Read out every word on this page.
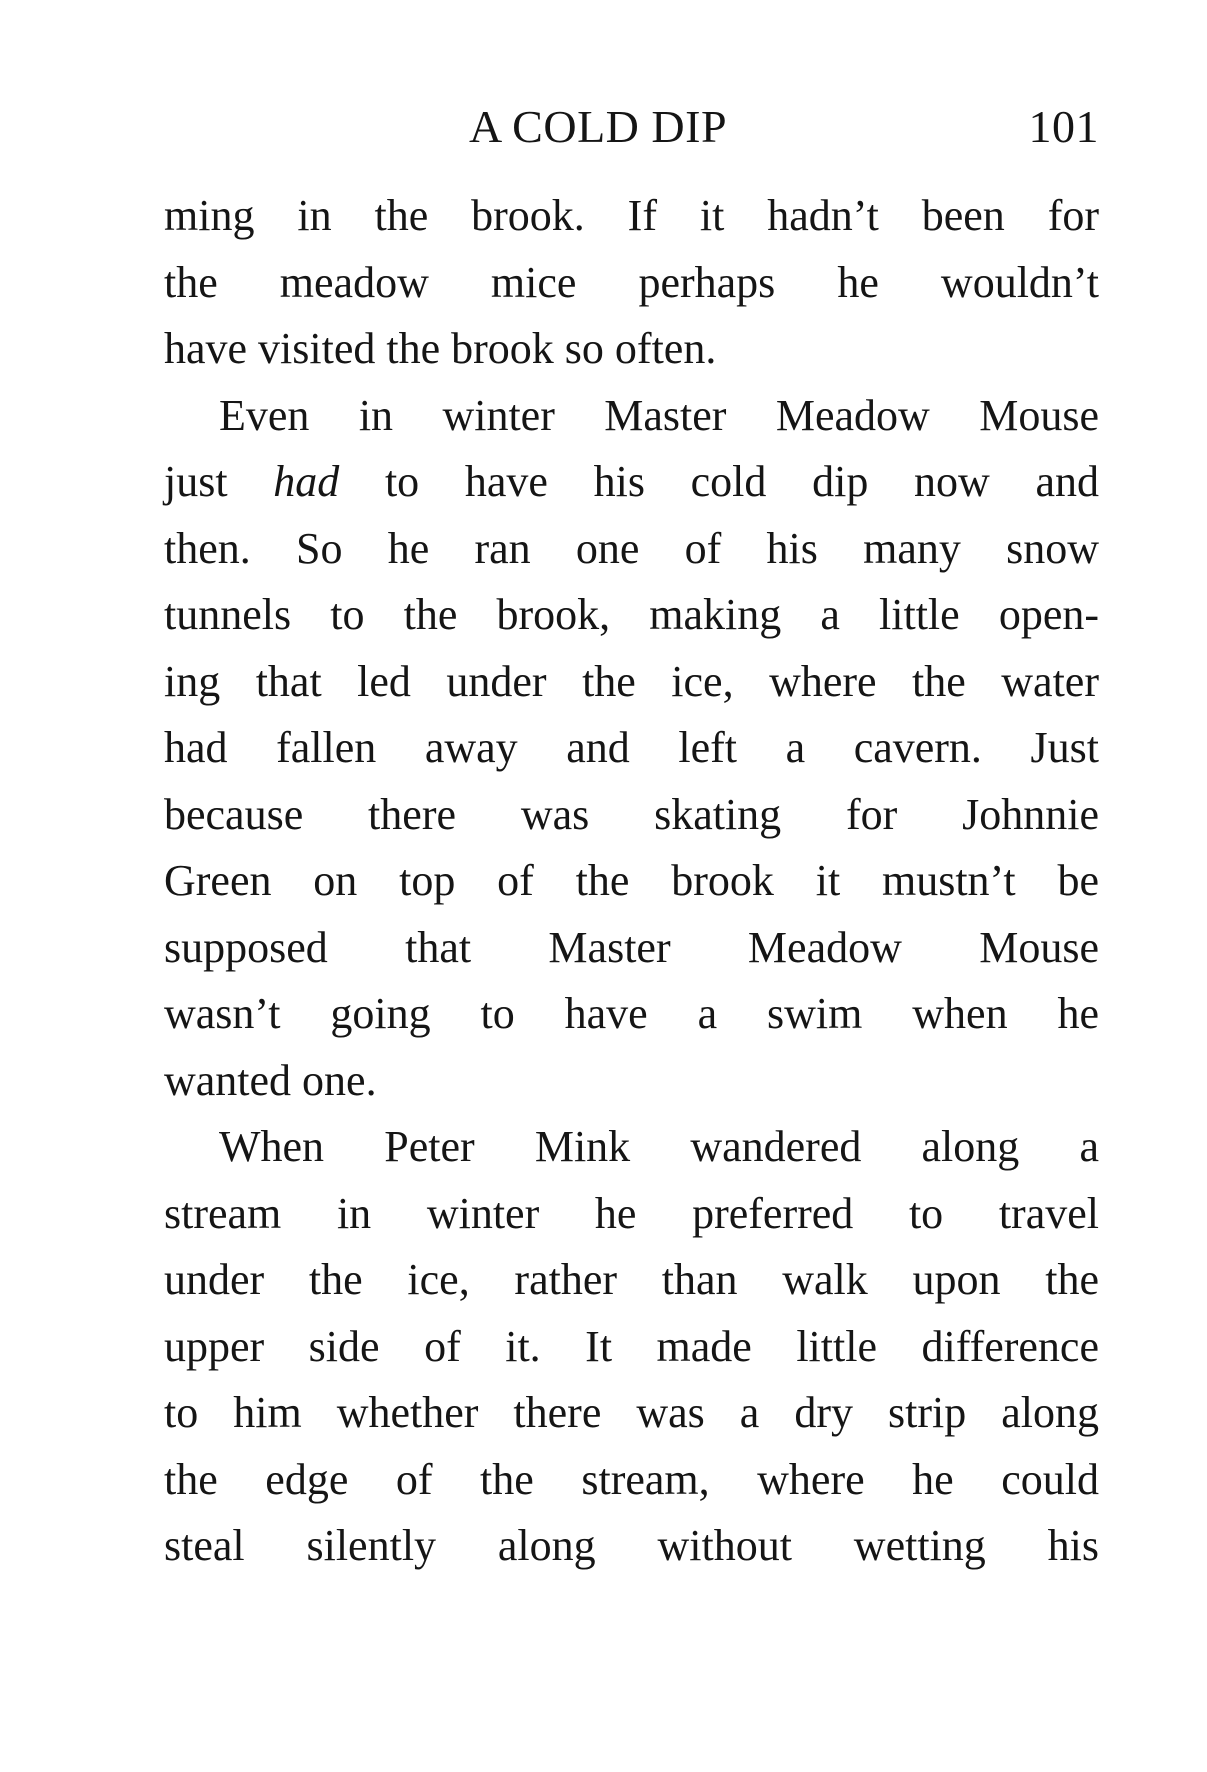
A COLD DIP	101
ming in the brook. If it hadn’t been for
the meadow mice perhaps he wouldn’t
have visited the brook so often.
Even in winter Master Meadow Mouse
just had to have his cold dip now and
then. So he ran one of his many snow
tunnels to the brook, making a little open-
ing that led under the ice, where the water
had fallen away and left a cavern. Just
because there was skating for Johnnie
Green on top of the brook it mustn’t be
supposed that Master Meadow Mouse
wasn’t going to have a swim when he
wanted one.
When Peter Mink wandered along a
stream in winter he preferred to travel
under the ice, rather than walk upon the
upper side of it. It made little difference
to him whether there was a dry strip along
the edge of the stream, where he could
steal silently along without wetting his
